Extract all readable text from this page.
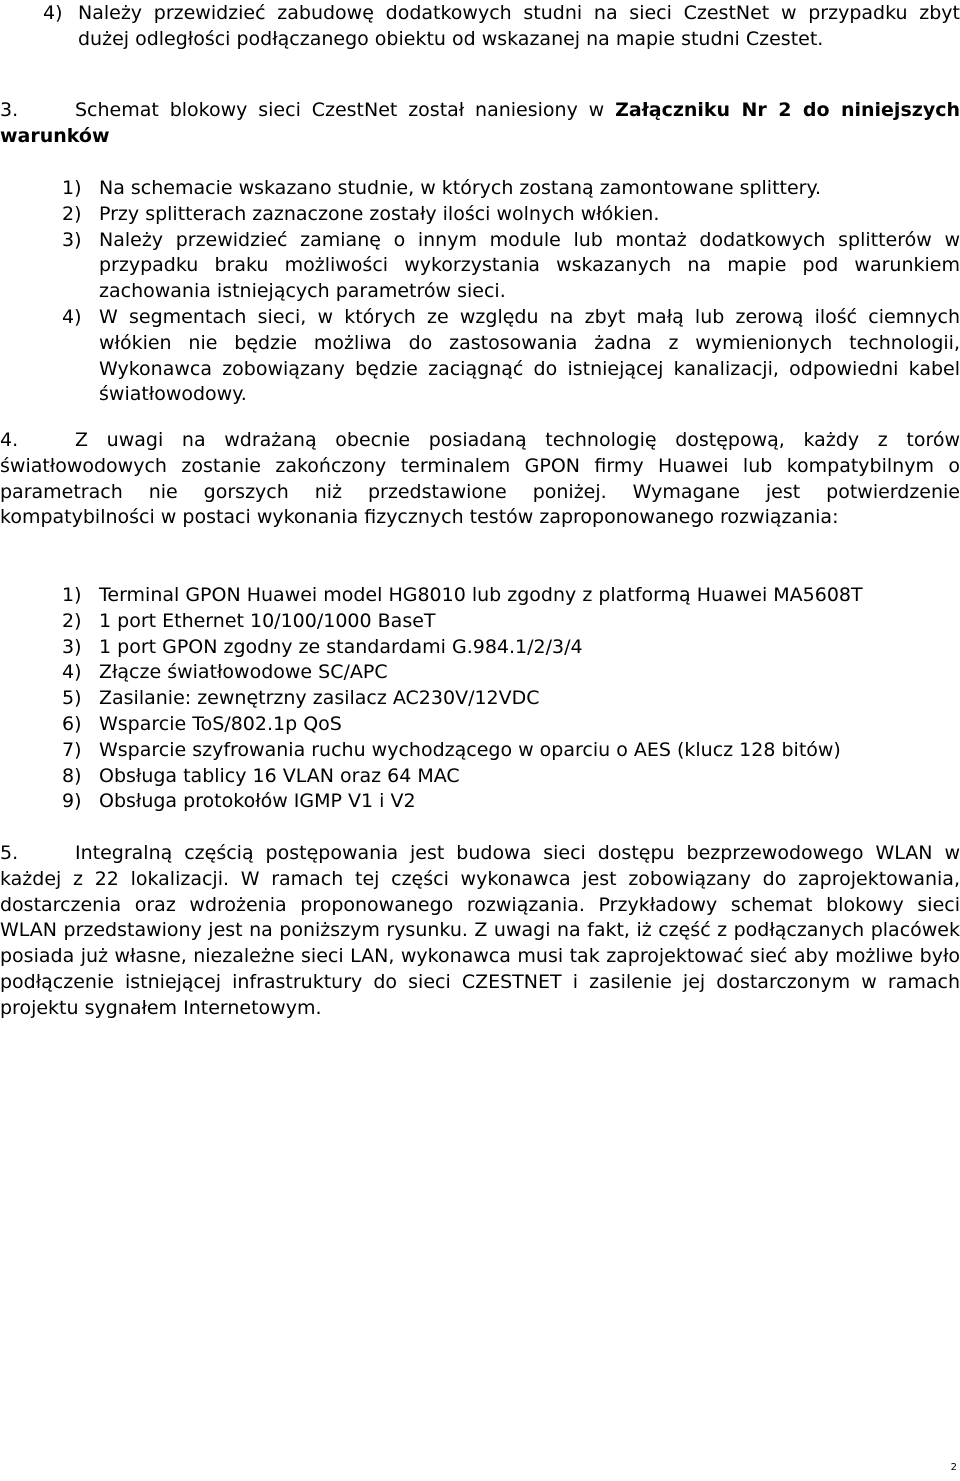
4) Należy przewidzieć zabudowę dodatkowych studni na sieci CzestNet w przypadku zbyt dużej odległości podłączanego obiektu od wskazanej na mapie studni Czestet.

3.	Schemat blokowy sieci CzestNet został naniesiony w Załączniku Nr 2 do niniejszych warunków

1) Na schemacie wskazano studnie, w których zostaną zamontowane splittery.

2) Przy splitterach zaznaczone zostały ilości wolnych włókien.

3) Należy przewidzieć zamianę o innym module lub montaż dodatkowych splitterów w przypadku braku możliwości wykorzystania wskazanych na mapie pod warunkiem zachowania istniejących parametrów sieci.

4) W segmentach sieci, w których ze względu na zbyt małą lub zerową ilość ciemnych włókien nie będzie możliwa do zastosowania żadna z wymienionych technologii, Wykonawca zobowiązany będzie zaciągnąć do istniejącej kanalizacji, odpowiedni kabel światłowodowy.

4.	Z uwagi na wdrażaną obecnie posiadaną technologię dostępową, każdy z torów światłowodowych zostanie zakończony terminalem GPON firmy Huawei lub kompatybilnym o parametrach nie gorszych niż przedstawione poniżej. Wymagane jest potwierdzenie kompatybilności w postaci wykonania fizycznych testów zaproponowanego rozwiązania:

1) Terminal GPON Huawei model HG8010 lub zgodny z platformą Huawei MA5608T

2) 1 port Ethernet 10/100/1000 BaseT

3) 1 port GPON zgodny ze standardami G.984.1/2/3/4

4) Złącze światłowodowe SC/APC

5) Zasilanie: zewnętrzny zasilacz AC230V/12VDC

6) Wsparcie ToS/802.1p QoS

7) Wsparcie szyfrowania ruchu wychodzącego w oparciu o AES (klucz 128 bitów)

8) Obsługa tablicy 16 VLAN oraz 64 MAC

9) Obsługa protokołów IGMP V1 i V2

5.	Integralną częścią postępowania jest budowa sieci dostępu bezprzewodowego WLAN w każdej z 22 lokalizacji. W ramach tej części wykonawca jest zobowiązany do zaprojektowania, dostarczenia oraz wdrożenia proponowanego rozwiązania. Przykładowy schemat blokowy sieci WLAN przedstawiony jest na poniższym rysunku. Z uwagi na fakt, iż część z podłączanych placówek posiada już własne, niezależne sieci LAN, wykonawca musi tak zaprojektować sieć aby możliwe było podłączenie istniejącej infrastruktury do sieci CZESTNET i zasilenie jej dostarczonym w ramach projektu sygnałem Internetowym.

2
